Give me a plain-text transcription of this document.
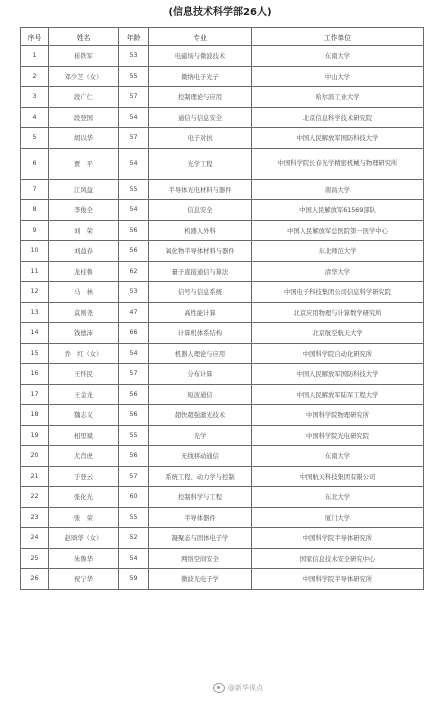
(信息技术科学部26人)
序号	姓名	年龄	专业	工作单位
1	崔铁军	53	电磁场与微波技术	东南大学
2	邓少芝（女）	55	微纳电子光子	中山大学
3	段广仁	57	控制理论与应用	哈尔滨工业大学
4	段登国	54	通信与信息安全	北京信息科学技术研究院
5	胡以华	57	电子对抗	中国人民解放军国防科技大学
6	贾　平	54	光学工程	中国科学院长春光学精密机械与物理研究所
7	江风益	55	半导体光电材料与器件	南昌大学
8	李俊全	54	信息安全	中国人民解放军61569部队
9	刘　荣	56	机器人外科	中国人民解放军总医院第一医学中心
10	刘益春	56	氧化物半导体材料与器件	东北师范大学
11	龙桂鲁	62	量子直接通信与算法	清华大学
12	马　林	53	信号与信息系统	中国电子科技集团公司信息科学研究院
13	莫则尧	47	高性能计算	北京应用物理与计算数学研究所
14	钱德沛	66	计算机体系结构	北京航空航天大学
15	乔　红（女）	54	机器人理论与应用	中国科学院自动化研究所
16	王怀民	57	分布计算	中国人民解放军国防科技大学
17	王金龙	56	短波通信	中国人民解放军陆军工程大学
18	魏志义	56	超快超强激光技术	中国科学院物理研究所
19	相里斌	55	光学	中国科学院光电研究院
20	尤肖虎	56	无线移动通信	东南大学
21	于登云	57	系统工程、动力学与控制	中国航天科技集团有限公司
22	张化光	60	控制科学与工程	东北大学
23	张　荣	55	半导体器件	厦门大学
24	赵颂华（女）	52	凝聚态与固体电子学	中国科学院半导体研究所
25	朱鲁华	54	网络空间安全	国家信息技术安全研究中心
26	祝宁华	59	微波光电子学	中国科学院半导体研究所
@新华视点
